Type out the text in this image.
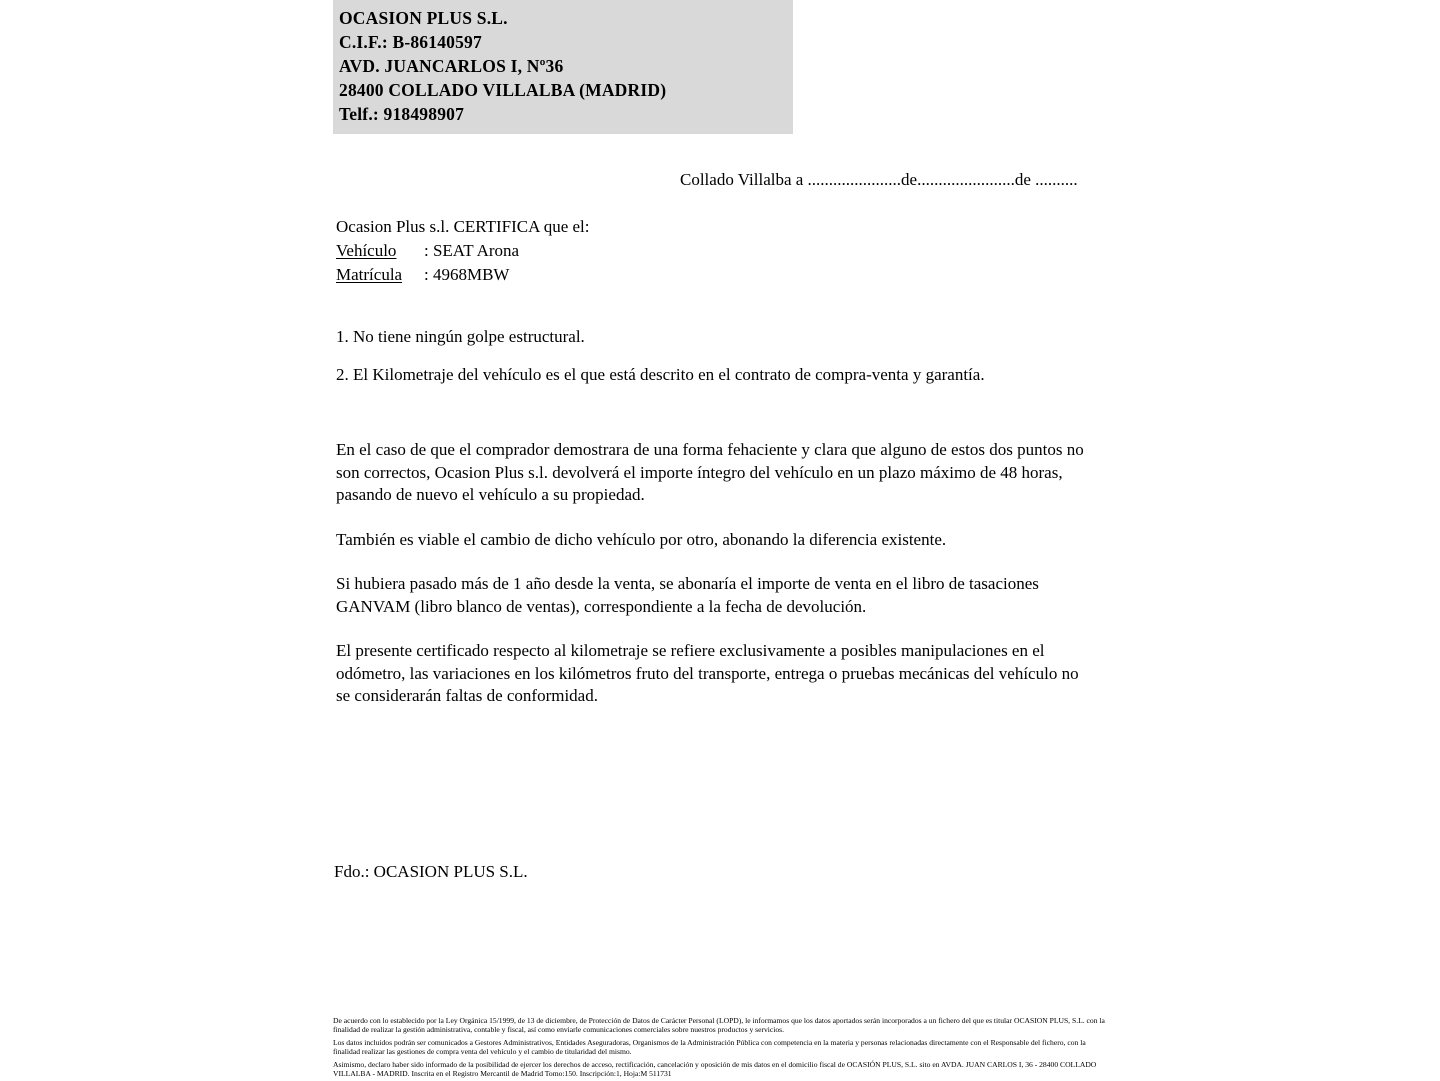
OCASION PLUS S.L.
C.I.F.: B-86140597
AVD. JUANCARLOS I, Nº36
28400 COLLADO VILLALBA (MADRID)
Telf.: 918498907
Collado Villalba a ......................de.......................de ..........
Ocasion Plus s.l. CERTIFICA que el:
Vehículo	: SEAT Arona
Matrícula	: 4968MBW
1. No tiene ningún golpe estructural.
2. El Kilometraje del vehículo es el que está descrito en el contrato de compra-venta y garantía.

En el caso de que el comprador demostrara de una forma fehaciente y clara que alguno de estos dos puntos no son correctos, Ocasion Plus s.l. devolverá el importe íntegro del vehículo en un plazo máximo de 48 horas, pasando de nuevo el vehículo a su propiedad.

También es viable el cambio de dicho vehículo por otro, abonando la diferencia existente.

Si hubiera pasado más de 1 año desde la venta, se abonaría el importe de venta en el libro de tasaciones GANVAM (libro blanco de ventas), correspondiente a la fecha de devolución.

El presente certificado respecto al kilometraje se refiere exclusivamente a posibles manipulaciones en el odómetro, las variaciones en los kilómetros fruto del transporte, entrega o pruebas mecánicas del vehículo no se considerarán faltas de conformidad.

Fdo.: OCASION PLUS S.L.

De acuerdo con lo establecido por la Ley Orgánica 15/1999, de 13 de diciembre, de Protección de Datos de Carácter Personal (LOPD), le informamos que los datos aportados serán incorporados a un fichero del que es titular OCASION PLUS, S.L. con la finalidad de realizar la gestión administrativa, contable y fiscal, así como enviarle comunicaciones comerciales sobre nuestros productos y servicios.

Los datos incluidos podrán ser comunicados a Gestores Administrativos, Entidades Aseguradoras, Organismos de la Administración Pública con competencia en la materia y personas relacionadas directamente con el Responsable del fichero, con la finalidad realizar las gestiones de compra venta del vehículo y el cambio de titularidad del mismo.

Asimismo, declaro haber sido informado de la posibilidad de ejercer los derechos de acceso, rectificación, cancelación y oposición de mis datos en el domicilio fiscal de OCASIÓN PLUS, S.L. sito en AVDA. JUAN CARLOS I, 36 - 28400 COLLADO VILLALBA - MADRID. Inscrita en el Registro Mercantil de Madrid Tomo:150. Inscripción:1, Hoja:M 511731
